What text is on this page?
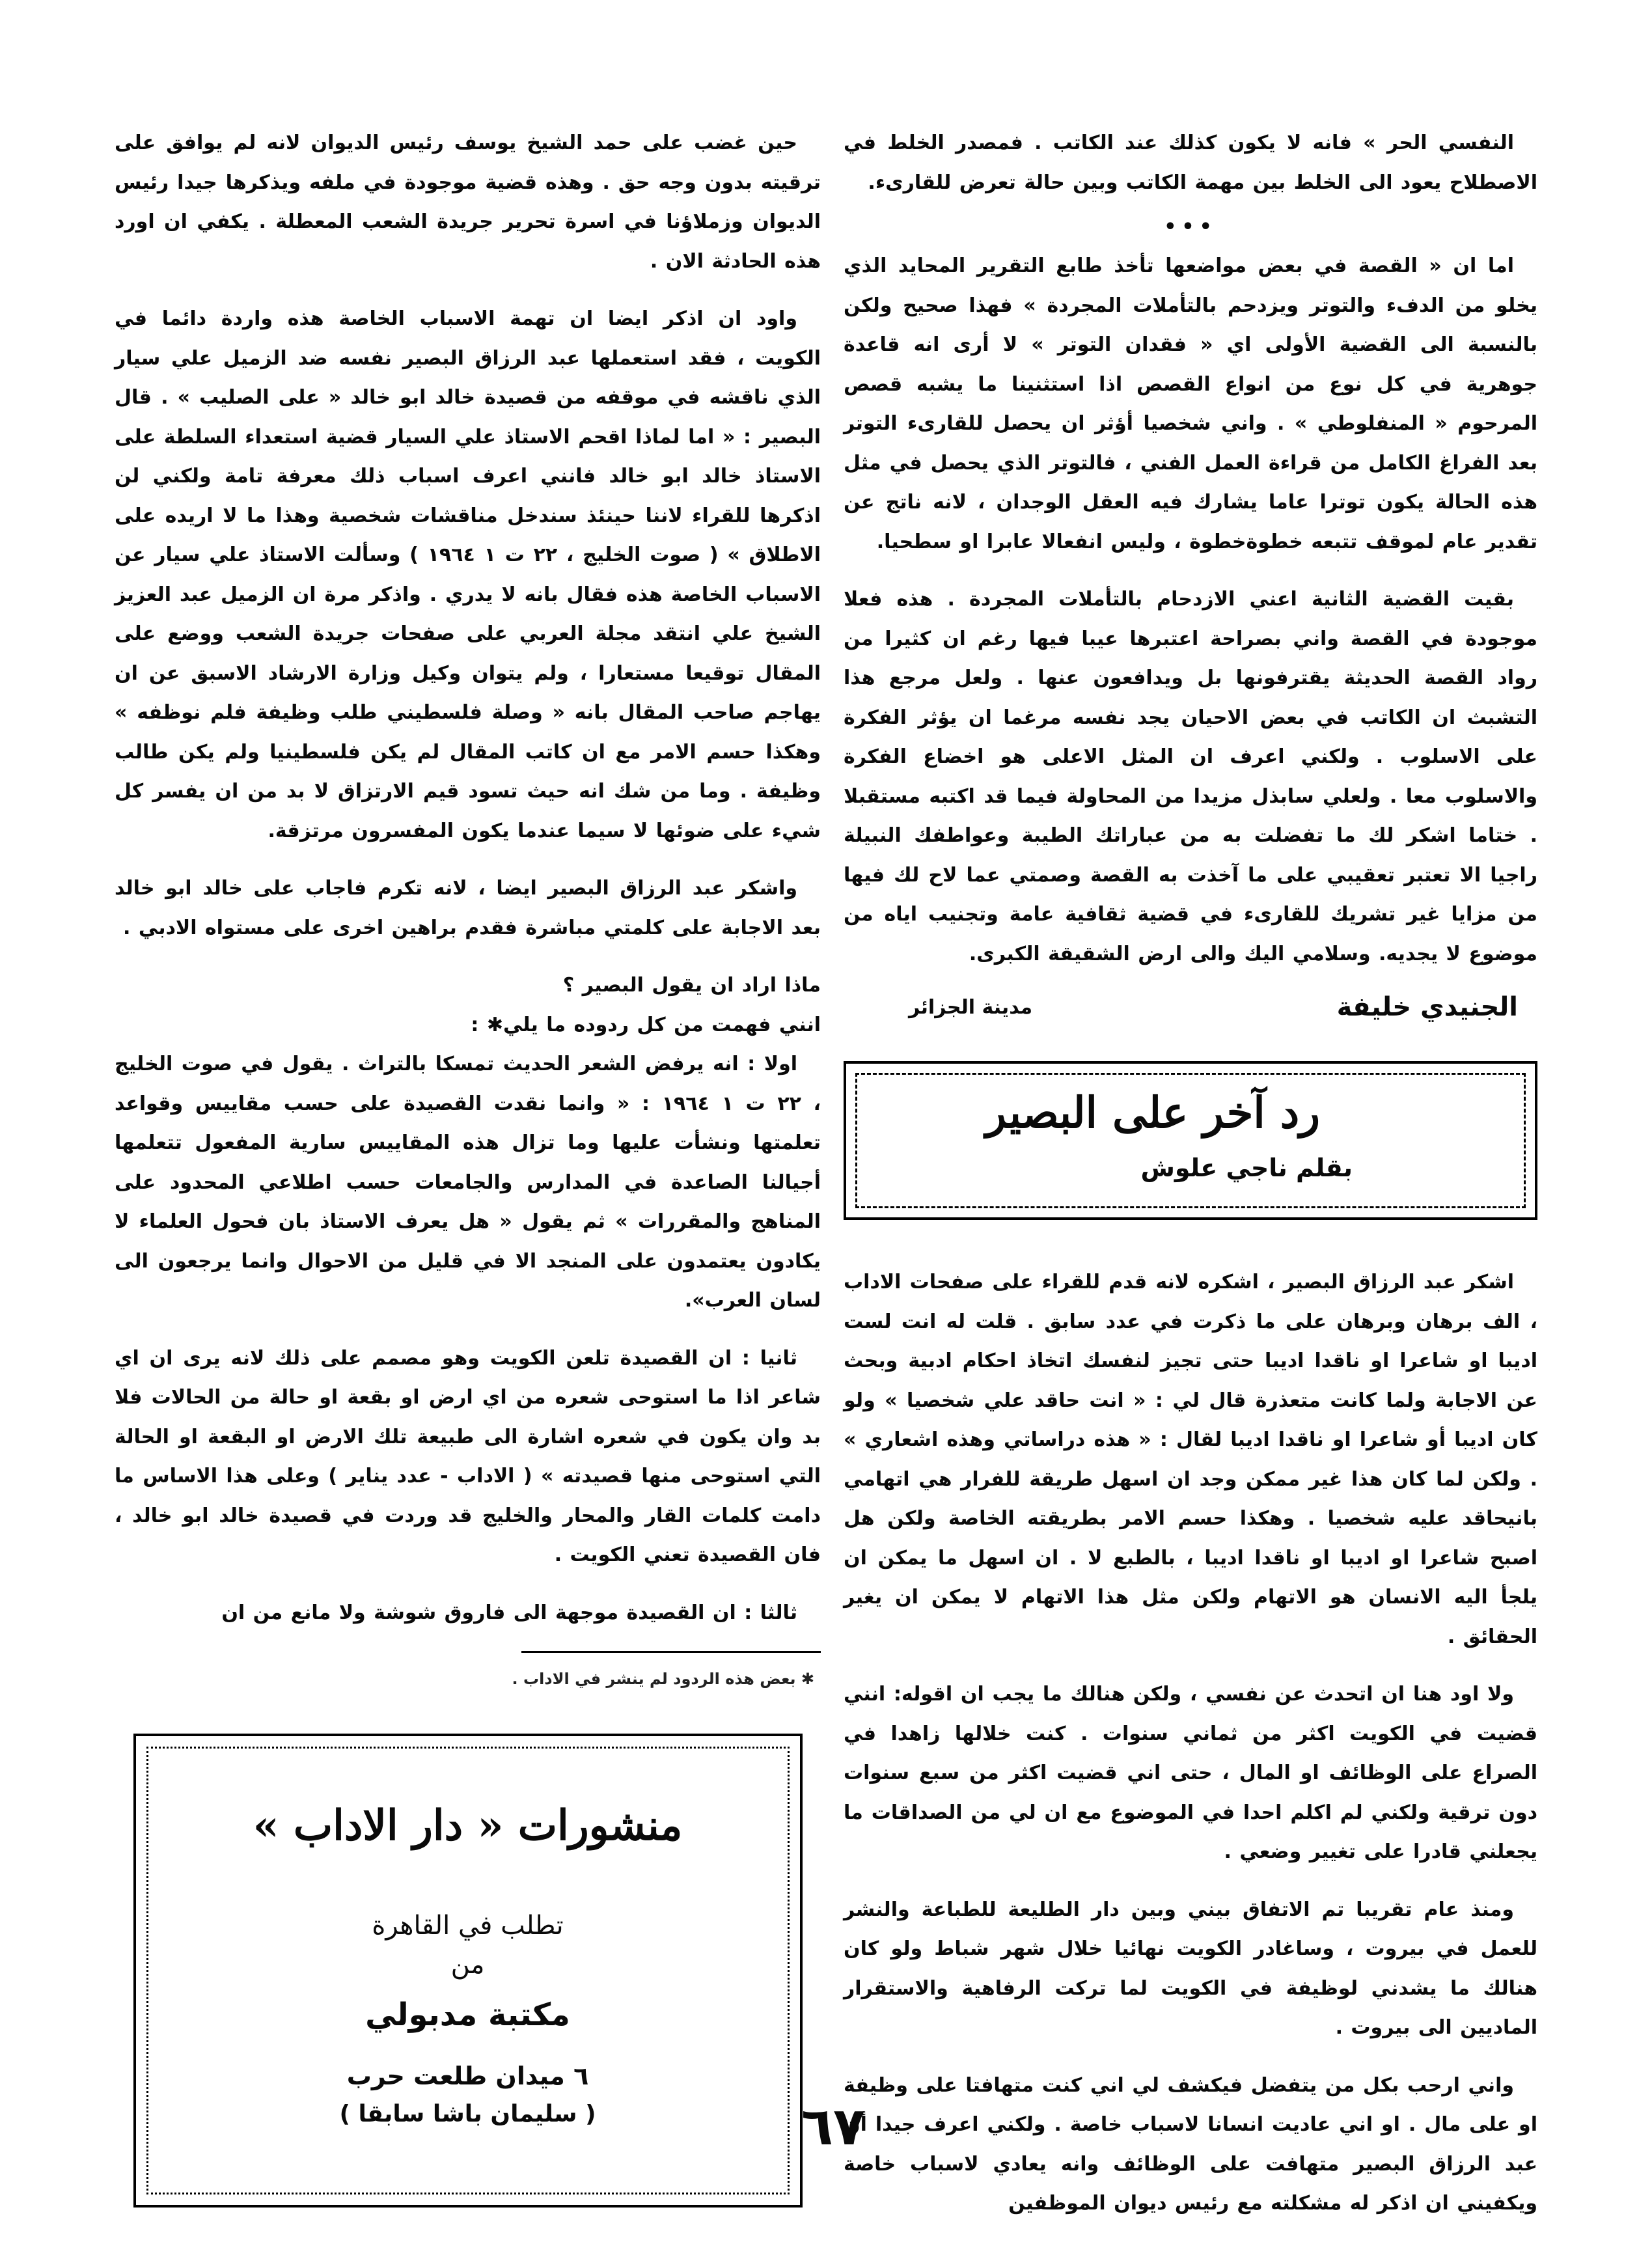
النفسي الحر » فانه لا يكون كذلك عند الكاتب . فمصدر الخلط في الاصطلاح يعود الى الخلط بين مهمة الكاتب وبين حالة تعرض للقارىء.

•••

اما ان « القصة في بعض مواضعها تأخذ طابع التقرير المحايد الذي يخلو من الدفء والتوتر ويزدحم بالتأملات المجردة » فهذا صحيح ولكن بالنسبة الى القضية الأولى اي « فقدان التوتر » لا أرى انه قاعدة جوهرية في كل نوع من انواع القصص اذا استثنينا ما يشبه قصص المرحوم « المنفلوطي » . واني شخصيا أؤثر ان يحصل للقارىء التوتر بعد الفراغ الكامل من قراءة العمل الفني ، فالتوتر الذي يحصل في مثل هذه الحالة يكون توترا عاما يشارك فيه العقل الوجدان ، لانه ناتج عن تقدير عام لموقف تتبعه خطوةخطوة ، وليس انفعالا عابرا او سطحيا.

بقيت القضية الثانية اعني الازدحام بالتأملات المجردة . هذه فعلا موجودة في القصة واني بصراحة اعتبرها عيبا فيها رغم ان كثيرا من رواد القصة الحديثة يقترفونها بل ويدافعون عنها . ولعل مرجع هذا التشبث ان الكاتب في بعض الاحيان يجد نفسه مرغما ان يؤثر الفكرة على الاسلوب . ولكني اعرف ان المثل الاعلى هو اخضاع الفكرة والاسلوب معا . ولعلي سابذل مزيدا من المحاولة فيما قد اكتبه مستقبلا . ختاما اشكر لك ما تفضلت به من عباراتك الطيبة وعواطفك النبيلة راجيا الا تعتبر تعقيبي على ما آخذت به القصة وصمتي عما لاح لك فيها من مزايا غير تشريك للقارىء في قضية ثقافية عامة وتجنيب اياه من موضوع لا يجديه. وسلامي اليك والى ارض الشقيقة الكبرى.

الجنيدي خليفة
مدينة الجزائر
رد آخر على البصير
بقلم ناجي علوش

اشكر عبد الرزاق البصير ، اشكره لانه قدم للقراء على صفحات الاداب ، الف برهان وبرهان على ما ذكرت في عدد سابق . قلت له انت لست اديبا او شاعرا او ناقدا اديبا حتى تجيز لنفسك اتخاذ احكام ادبية وبحث عن الاجابة ولما كانت متعذرة قال لي : « انت حاقد علي شخصيا » ولو كان اديبا أو شاعرا او ناقدا اديبا لقال : « هذه دراساتي وهذه اشعاري » . ولكن لما كان هذا غير ممكن وجد ان اسهل طريقة للفرار هي اتهامي بانيحاقد عليه شخصيا . وهكذا حسم الامر بطريقته الخاصة ولكن هل اصبح شاعرا او اديبا او ناقدا اديبا ، بالطبع لا . ان اسهل ما يمكن ان يلجأ اليه الانسان هو الاتهام ولكن مثل هذا الاتهام لا يمكن ان يغير الحقائق .

ولا اود هنا ان اتحدث عن نفسي ، ولكن هنالك ما يجب ان اقوله: انني قضيت في الكويت اكثر من ثماني سنوات . كنت خلالها زاهدا في الصراع على الوظائف او المال ، حتى اني قضيت اكثر من سبع سنوات دون ترقية ولكني لم اكلم احدا في الموضوع مع ان لي من الصداقات ما يجعلني قادرا على تغيير وضعي .

ومنذ عام تقريبا تم الاتفاق بيني وبين دار الطليعة للطباعة والنشر للعمل في بيروت ، وساغادر الكويت نهائيا خلال شهر شباط ولو كان هنالك ما يشدني لوظيفة في الكويت لما تركت الرفاهية والاستقرار الماديين الى بيروت .

واني ارحب بكل من يتفضل فيكشف لي اني كنت متهافتا على وظيفة او على مال . او اني عاديت انسانا لاسباب خاصة . ولكني اعرف جيدا أن عبد الرزاق البصير متهافت على الوظائف وانه يعادي لاسباب خاصة ويكفيني ان اذكر له مشكلته مع رئيس ديوان الموظفين

حين غضب على حمد الشيخ يوسف رئيس الديوان لانه لم يوافق على ترقيته بدون وجه حق . وهذه قضية موجودة في ملفه ويذكرها جيدا رئيس الديوان وزملاؤنا في اسرة تحرير جريدة الشعب المعطلة . يكفي ان اورد هذه الحادثة الان .

واود ان اذكر ايضا ان تهمة الاسباب الخاصة هذه واردة دائما في الكويت ، فقد استعملها عبد الرزاق البصير نفسه ضد الزميل علي سيار الذي ناقشه في موقفه من قصيدة خالد ابو خالد « على الصليب » . قال البصير : « اما لماذا اقحم الاستاذ علي السيار قضية استعداء السلطة على الاستاذ خالد ابو خالد فانني اعرف اسباب ذلك معرفة تامة ولكني لن اذكرها للقراء لاننا حينئذ سندخل مناقشات شخصية وهذا ما لا اريده على الاطلاق » ( صوت الخليج ، ٢٢ ت ١ ١٩٦٤ ) وسألت الاستاذ علي سيار عن الاسباب الخاصة هذه فقال بانه لا يدري . واذكر مرة ان الزميل عبد العزيز الشيخ علي انتقد مجلة العربي على صفحات جريدة الشعب ووضع على المقال توقيعا مستعارا ، ولم يتوان وكيل وزارة الارشاد الاسبق عن ان يهاجم صاحب المقال بانه « وصلة فلسطيني طلب وظيفة فلم نوظفه » وهكذا حسم الامر مع ان كاتب المقال لم يكن فلسطينيا ولم يكن طالب وظيفة . وما من شك انه حيث تسود قيم الارتزاق لا بد من ان يفسر كل شيء على ضوئها لا سيما عندما يكون المفسرون مرتزقة.

واشكر عبد الرزاق البصير ايضا ، لانه تكرم فاجاب على خالد ابو خالد بعد الاجابة على كلمتي مباشرة فقدم براهين اخرى على مستواه الادبي .

ماذا اراد ان يقول البصير ؟

انني فهمت من كل ردوده ما يلي✱ :

اولا : انه يرفض الشعر الحديث تمسكا بالتراث . يقول في صوت الخليج ، ٢٢ ت ١ ١٩٦٤ : « وانما نقدت القصيدة على حسب مقاييس وقواعد تعلمتها ونشأت عليها وما تزال هذه المقاييس سارية المفعول تتعلمها أجيالنا الصاعدة في المدارس والجامعات حسب اطلاعي المحدود على المناهج والمقررات » ثم يقول « هل يعرف الاستاذ بان فحول العلماء لا يكادون يعتمدون على المنجد الا في قليل من الاحوال وانما يرجعون الى لسان العرب».

ثانيا : ان القصيدة تلعن الكويت وهو مصمم على ذلك لانه يرى ان اي شاعر اذا ما استوحى شعره من اي ارض او بقعة او حالة من الحالات فلا بد وان يكون في شعره اشارة الى طبيعة تلك الارض او البقعة او الحالة التي استوحى منها قصيدته » ( الاداب - عدد يناير ) وعلى هذا الاساس ما دامت كلمات القار والمحار والخليج قد وردت في قصيدة خالد ابو خالد ، فان القصيدة تعني الكويت .

ثالثا : ان القصيدة موجهة الى فاروق شوشة ولا مانع من ان

✱ بعض هذه الردود لم ينشر في الاداب .
منشورات « دار الاداب »
تطلب في القاهرة
من
مكتبة مدبولي
٦ ميدان طلعت حرب
( سليمان باشا سابقا )	٦٧
